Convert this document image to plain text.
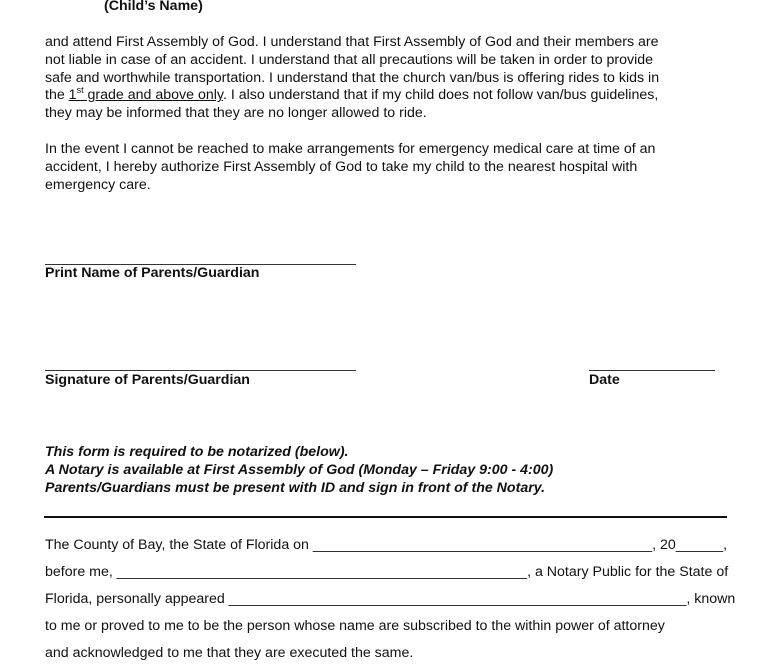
(Child’s Name)

and attend First Assembly of God. I understand that First Assembly of God and their members are

not liable in case of an accident. I understand that all precautions will be taken in order to provide

safe and worthwhile transportation. I understand that the church van/bus is offering rides to kids in

the 1st grade and above only. I also understand that if my child does not follow van/bus guidelines,

they may be informed that they are no longer allowed to ride.

In the event I cannot be reached to make arrangements for emergency medical care at time of an

accident, I hereby authorize First Assembly of God to take my child to the nearest hospital with

emergency care.

Print Name of Parents/Guardian
Signature of Parents/Guardian	Date
This form is required to be notarized (below).
A Notary is available at First Assembly of God (Monday – Friday 9:00 - 4:00)
Parents/Guardians must be present with ID and sign in front of the Notary.
The County of Bay, the State of Florida on ___________________________________________, 20______,
before me, ____________________________________________________, a Notary Public for the State of
Florida, personally appeared __________________________________________________________, known
to me or proved to me to be the person whose name are subscribed to the within power of attorney
and acknowledged to me that they are executed the same.
